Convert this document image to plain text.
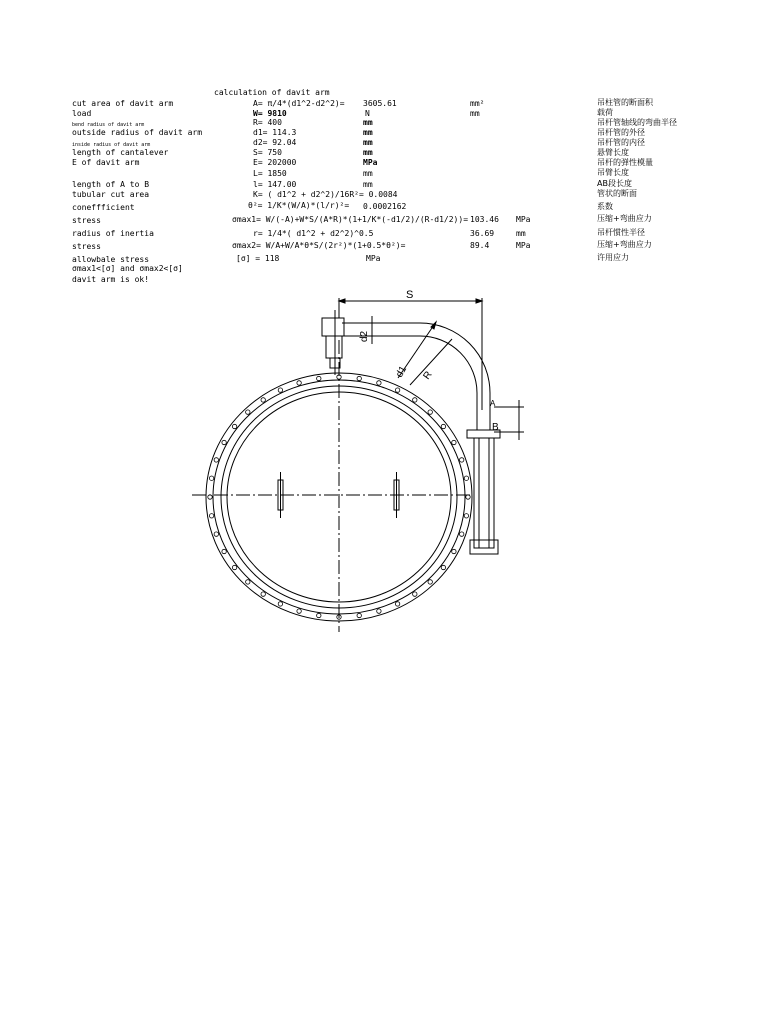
calculation of davit arm
cut area of davit arm	A= π/4*(d1^2-d2^2)= 3605.61	mm²	吊柱管的断面积
load	W= 9810	N	mm	载荷
bend radius of davit arm	R= 400	mm	吊杆管轴线的弯曲半径
outside radius of davit arm	d1= 114.3	mm	吊杆管的外径
inside radius of davit arm	d2= 92.04	mm	吊杆管的内径
length of cantalever	S= 750	mm	悬臂长度
E of davit arm	E= 202000	MPa	吊杆的弹性模量
L= 1850	mm	吊臂长度
length of A to B	l= 147.00	mm	AB段长度
tubular cut area	K= ( d1^2 + d2^2)/16R²= 0.0084	管状的断面
coneffficient	θ²= 1/K*(W/A)*(l/r)²= 0.0002162	系数
stress	σmax1= W/(-A)+W*S/(A*R)*(1+1/K*(-d1/2)/(R-d1/2))= 103.46 MPa	压缩+弯曲应力
radius of inertia	r= 1/4*( d1^2 + d2^2)^0.5	36.69	mm	吊杆惯性半径
stress	σmax2= W/A+W/A*θ*S/(2r²)*(1+0.5*θ²)=	89.4	MPa	压缩+弯曲应力
allowbale stress	[σ] = 118	MPa	许用应力
σmax1<[σ] and σmax2<[σ]
davit arm is ok!
S
d2
d1 R
A
B
